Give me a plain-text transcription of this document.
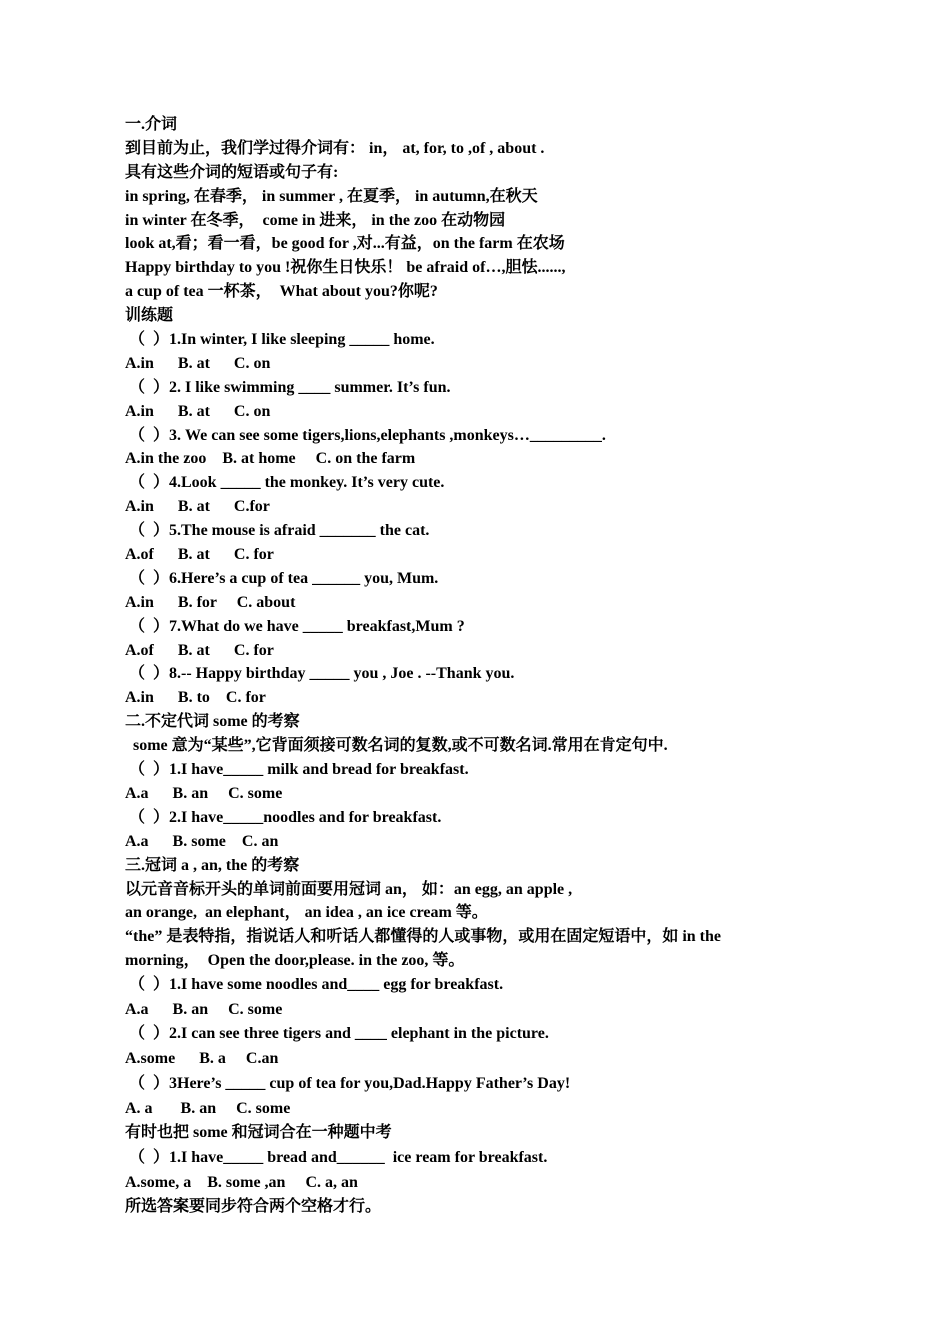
一.介词
到目前为止，我们学过得介词有： in， at, for, to ,of , about .
具有这些介词的短语或句子有:
in spring, 在春季， in summer , 在夏季， in autumn,在秋天
in winter 在冬季，  come in 进来， in the zoo 在动物园
look at,看；看一看，be good for ,对...有益，on the farm 在农场
Happy birthday to you !祝你生日快乐！ be afraid of…,胆怯......,
a cup of tea 一杯茶，  What about you?你呢?
训练题
（  ）1.In winter, I like sleeping _____ home.
A.in      B. at      C. on
（  ）2. I like swimming ____ summer. It’s fun.
A.in      B. at      C. on
（  ）3. We can see some tigers,lions,elephants ,monkeys…_________.
A.in the zoo    B. at home     C. on the farm
（  ）4.Look _____ the monkey. It’s very cute.
A.in      B. at      C.for
（  ）5.The mouse is afraid _______ the cat.
A.of      B. at      C. for
（  ）6.Here’s a cup of tea ______ you, Mum.
A.in      B. for     C. about
（  ）7.What do we have _____ breakfast,Mum ?
A.of      B. at      C. for
（  ）8.-- Happy birthday _____ you , Joe . --Thank you.
A.in      B. to    C. for
二.不定代词 some 的考察
some 意为“某些”,它背面须接可数名词的复数,或不可数名词.常用在肯定句中.
（  ）1.I have_____ milk and bread for breakfast.
A.a      B. an     C. some
（  ）2.I have_____noodles and for breakfast.
A.a      B. some    C. an
三.冠词 a , an, the 的考察
以元音音标开头的单词前面要用冠词 an， 如：an egg, an apple ,
an orange,  an elephant， an idea , an ice cream 等。
“the” 是表特指，指说话人和听话人都懂得的人或事物，或用在固定短语中，如 in the
morning，  Open the door,please. in the zoo, 等。
（  ）1.I have some noodles and____ egg for breakfast.
A.a      B. an     C. some
（  ）2.I can see three tigers and ____ elephant in the picture.
A.some      B. a     C.an
（  ）3Here’s _____ cup of tea for you,Dad.Happy Father’s Day!
A. a       B. an     C. some
有时也把 some 和冠词合在一种题中考
（  ）1.I have_____ bread and______  ice ream for breakfast.
A.some, a    B. some ,an     C. a, an
所选答案要同步符合两个空格才行。
